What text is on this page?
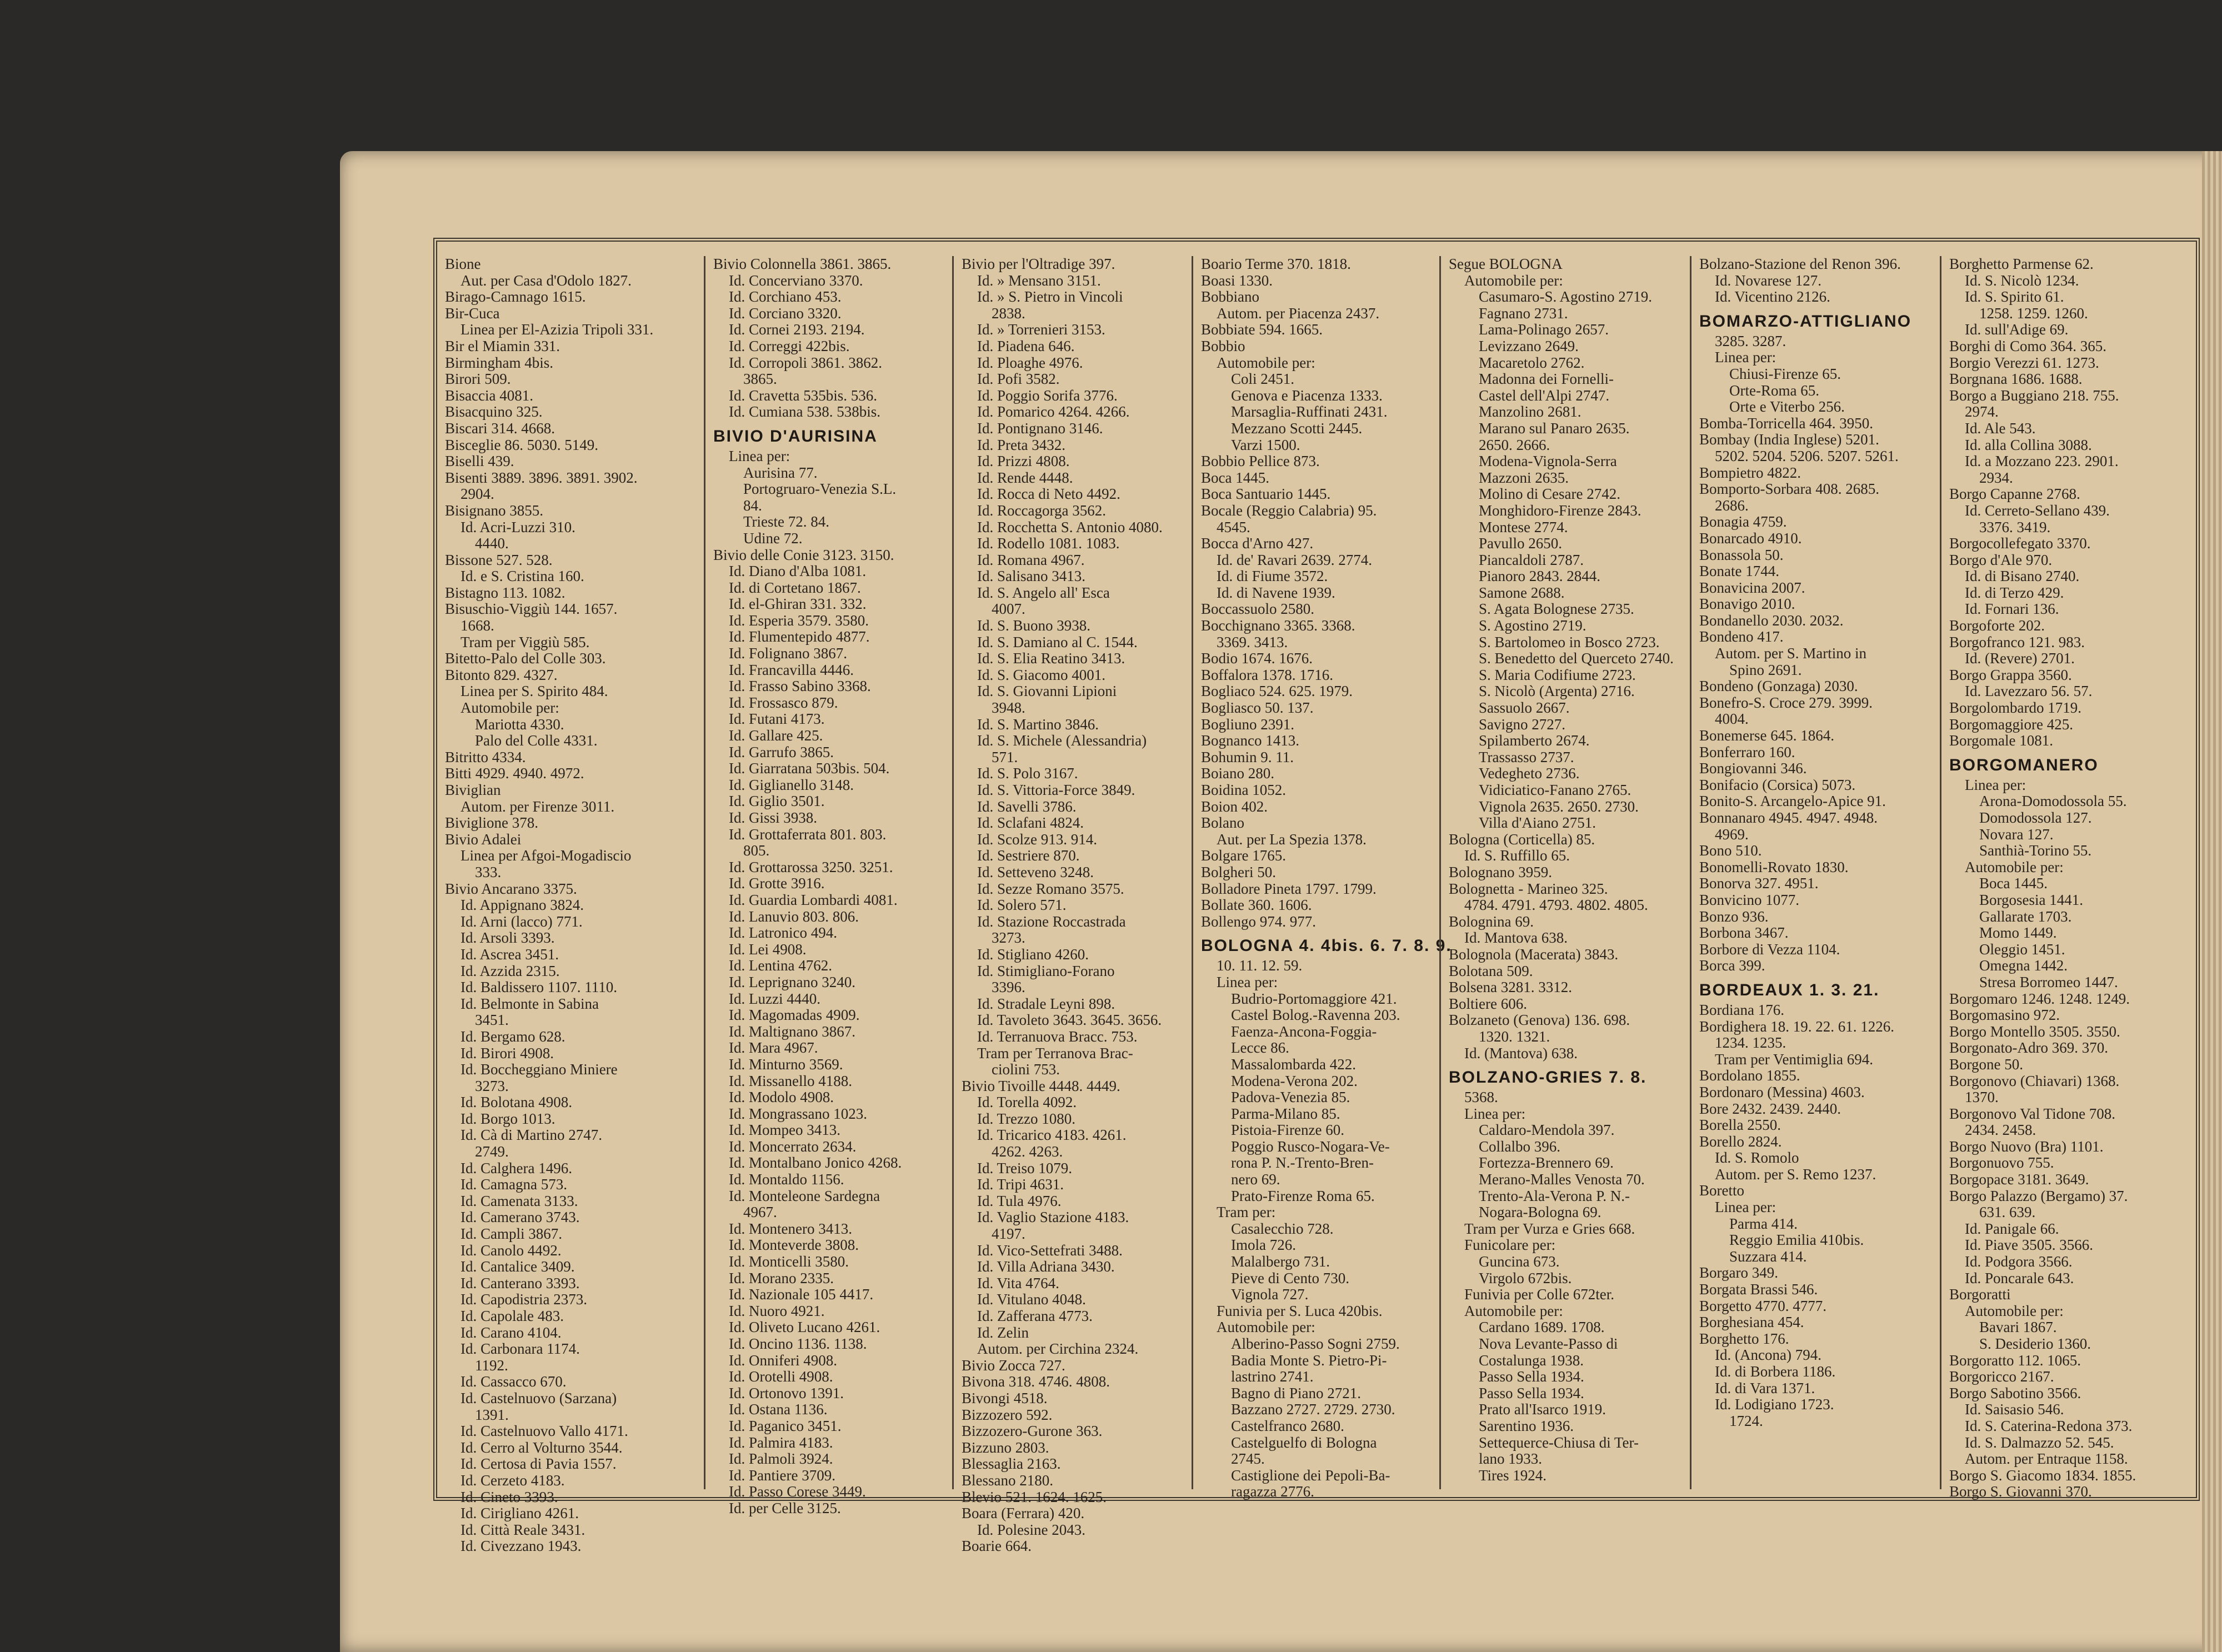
Bione
Aut. per Casa d'Odolo 1827.
Birago-Camnago 1615.
Bir-Cuca
Linea per El-Azizia Tripoli 331.
Bir el Miamin 331.
Birmingham 4bis.
Birori 509.
Bisaccia 4081.
Bisacquino 325.
Biscari 314. 4668.
Bisceglie 86. 5030. 5149.
Biselli 439.
Bisenti 3889. 3896. 3891. 3902.
2904.
Bisignano 3855.
Id. Acri-Luzzi 310.
4440.
Bissone 527. 528.
Id. e S. Cristina 160.
Bistagno 113. 1082.
Bisuschio-Viggiù 144. 1657.
1668.
Tram per Viggiù 585.
Bitetto-Palo del Colle 303.
Bitonto 829. 4327.
Linea per S. Spirito 484.
Automobile per:
Mariotta 4330.
Palo del Colle 4331.
Bitritto 4334.
Bitti 4929. 4940. 4972.
Biviglian
Autom. per Firenze 3011.
Biviglione 378.
Bivio Adalei
Linea per Afgoi-Mogadiscio
333.
Bivio Ancarano 3375.
Id. Appignano 3824.
Id. Arni (lacco) 771.
Id. Arsoli 3393.
Id. Ascrea 3451.
Id. Azzida 2315.
Id. Baldissero 1107. 1110.
Id. Belmonte in Sabina
3451.
Id. Bergamo 628.
Id. Birori 4908.
Id. Boccheggiano Miniere
3273.
Id. Bolotana 4908.
Id. Borgo 1013.
Id. Cà di Martino 2747.
2749.
Id. Calghera 1496.
Id. Camagna 573.
Id. Camenata 3133.
Id. Camerano 3743.
Id. Campli 3867.
Id. Canolo 4492.
Id. Cantalice 3409.
Id. Canterano 3393.
Id. Capodistria 2373.
Id. Capolale 483.
Id. Carano 4104.
Id. Carbonara 1174.
1192.
Id. Cassacco 670.
Id. Castelnuovo (Sarzana)
1391.
Id. Castelnuovo Vallo 4171.
Id. Cerro al Volturno 3544.
Id. Certosa di Pavia 1557.
Id. Cerzeto 4183.
Id. Cineto 3393.
Id. Cirigliano 4261.
Id. Città Reale 3431.
Id. Civezzano 1943.
Bivio Colonnella 3861. 3865.
Id. Concerviano 3370.
Id. Corchiano 453.
Id. Corciano 3320.
Id. Cornei 2193. 2194.
Id. Correggi 422bis.
Id. Corropoli 3861. 3862.
3865.
Id. Cravetta 535bis. 536.
Id. Cumiana 538. 538bis.
BIVIO D'AURISINA
Linea per:
Aurisina 77.
Portogruaro-Venezia S.L.
84.
Trieste 72. 84.
Udine 72.
Bivio delle Conie 3123. 3150.
Id. Diano d'Alba 1081.
Id. di Cortetano 1867.
Id. el-Ghiran 331. 332.
Id. Esperia 3579. 3580.
Id. Flumentepido 4877.
Id. Folignano 3867.
Id. Francavilla 4446.
Id. Frasso Sabino 3368.
Id. Frossasco 879.
Id. Futani 4173.
Id. Gallare 425.
Id. Garrufo 3865.
Id. Giarratana 503bis. 504.
Id. Giglianello 3148.
Id. Giglio 3501.
Id. Gissi 3938.
Id. Grottaferrata 801. 803.
805.
Id. Grottarossa 3250. 3251.
Id. Grotte 3916.
Id. Guardia Lombardi 4081.
Id. Lanuvio 803. 806.
Id. Latronico 494.
Id. Lei 4908.
Id. Lentina 4762.
Id. Leprignano 3240.
Id. Luzzi 4440.
Id. Magomadas 4909.
Id. Maltignano 3867.
Id. Mara 4967.
Id. Minturno 3569.
Id. Missanello 4188.
Id. Modolo 4908.
Id. Mongrassano 1023.
Id. Mompeo 3413.
Id. Moncerrato 2634.
Id. Montalbano Jonico 4268.
Id. Montaldo 1156.
Id. Monteleone Sardegna
4967.
Id. Montenero 3413.
Id. Monteverde 3808.
Id. Monticelli 3580.
Id. Morano 2335.
Id. Nazionale 105 4417.
Id. Nuoro 4921.
Id. Oliveto Lucano 4261.
Id. Oncino 1136. 1138.
Id. Onniferi 4908.
Id. Orotelli 4908.
Id. Ortonovo 1391.
Id. Ostana 1136.
Id. Paganico 3451.
Id. Palmira 4183.
Id. Palmoli 3924.
Id. Pantiere 3709.
Id. Passo Corese 3449.
Id. per Celle 3125.
Bivio per l'Oltradige 397.
Id. » Mensano 3151.
Id. » S. Pietro in Vincoli
2838.
Id. » Torrenieri 3153.
Id. Piadena 646.
Id. Ploaghe 4976.
Id. Pofi 3582.
Id. Poggio Sorifa 3776.
Id. Pomarico 4264. 4266.
Id. Pontignano 3146.
Id. Preta 3432.
Id. Prizzi 4808.
Id. Rende 4448.
Id. Rocca di Neto 4492.
Id. Roccagorga 3562.
Id. Rocchetta S. Antonio 4080.
Id. Rodello 1081. 1083.
Id. Romana 4967.
Id. Salisano 3413.
Id. S. Angelo all' Esca
4007.
Id. S. Buono 3938.
Id. S. Damiano al C. 1544.
Id. S. Elia Reatino 3413.
Id. S. Giacomo 4001.
Id. S. Giovanni Lipioni
3948.
Id. S. Martino 3846.
Id. S. Michele (Alessandria)
571.
Id. S. Polo 3167.
Id. S. Vittoria-Force 3849.
Id. Savelli 3786.
Id. Sclafani 4824.
Id. Scolze 913. 914.
Id. Sestriere 870.
Id. Setteveno 3248.
Id. Sezze Romano 3575.
Id. Solero 571.
Id. Stazione Roccastrada
3273.
Id. Stigliano 4260.
Id. Stimigliano-Forano
3396.
Id. Stradale Leyni 898.
Id. Tavoleto 3643. 3645. 3656.
Id. Terranuova Bracc. 753.
Tram per Terranova Brac-
ciolini 753.
Bivio Tivoille 4448. 4449.
Id. Torella 4092.
Id. Trezzo 1080.
Id. Tricarico 4183. 4261.
4262. 4263.
Id. Treiso 1079.
Id. Tripi 4631.
Id. Tula 4976.
Id. Vaglio Stazione 4183.
4197.
Id. Vico-Settefrati 3488.
Id. Villa Adriana 3430.
Id. Vita 4764.
Id. Vitulano 4048.
Id. Zafferana 4773.
Id. Zelin
Autom. per Circhina 2324.
Bivio Zocca 727.
Bivona 318. 4746. 4808.
Bivongi 4518.
Bizzozero 592.
Bizzozero-Gurone 363.
Bizzuno 2803.
Blessaglia 2163.
Blessano 2180.
Blevio 521. 1624. 1625.
Boara (Ferrara) 420.
Id. Polesine 2043.
Boarie 664.
Boario Terme 370. 1818.
Boasi 1330.
Bobbiano
Autom. per Piacenza 2437.
Bobbiate 594. 1665.
Bobbio
Automobile per:
Coli 2451.
Genova e Piacenza 1333.
Marsaglia-Ruffinati 2431.
Mezzano Scotti 2445.
Varzi 1500.
Bobbio Pellice 873.
Boca 1445.
Boca Santuario 1445.
Bocale (Reggio Calabria) 95.
4545.
Bocca d'Arno 427.
Id. de' Ravari 2639. 2774.
Id. di Fiume 3572.
Id. di Navene 1939.
Boccassuolo 2580.
Bocchignano 3365. 3368.
3369. 3413.
Bodio 1674. 1676.
Boffalora 1378. 1716.
Bogliaco 524. 625. 1979.
Bogliasco 50. 137.
Bogliuno 2391.
Bognanco 1413.
Bohumin 9. 11.
Boiano 280.
Boidina 1052.
Boion 402.
Bolano
Aut. per La Spezia 1378.
Bolgare 1765.
Bolgheri 50.
Bolladore Pineta 1797. 1799.
Bollate 360. 1606.
Bollengo 974. 977.
BOLOGNA 4. 4bis. 6. 7. 8. 9.
10. 11. 12. 59.
Linea per:
Budrio-Portomaggiore 421.
Castel Bolog.-Ravenna 203.
Faenza-Ancona-Foggia-
Lecce 86.
Massalombarda 422.
Modena-Verona 202.
Padova-Venezia 85.
Parma-Milano 85.
Pistoia-Firenze 60.
Poggio Rusco-Nogara-Ve-
rona P. N.-Trento-Bren-
nero 69.
Prato-Firenze Roma 65.
Tram per:
Casalecchio 728.
Imola 726.
Malalbergo 731.
Pieve di Cento 730.
Vignola 727.
Funivia per S. Luca 420bis.
Automobile per:
Alberino-Passo Sogni 2759.
Badia Monte S. Pietro-Pi-
lastrino 2741.
Bagno di Piano 2721.
Bazzano 2727. 2729. 2730.
Castelfranco 2680.
Castelguelfo di Bologna
2745.
Castiglione dei Pepoli-Ba-
ragazza 2776.
Segue BOLOGNA
Automobile per:
Casumaro-S. Agostino 2719.
Fagnano 2731.
Lama-Polinago 2657.
Levizzano 2649.
Macaretolo 2762.
Madonna dei Fornelli-
Castel dell'Alpi 2747.
Manzolino 2681.
Marano sul Panaro 2635.
2650. 2666.
Modena-Vignola-Serra
Mazzoni 2635.
Molino di Cesare 2742.
Monghidoro-Firenze 2843.
Montese 2774.
Pavullo 2650.
Piancaldoli 2787.
Pianoro 2843. 2844.
Samone 2688.
S. Agata Bolognese 2735.
S. Agostino 2719.
S. Bartolomeo in Bosco 2723.
S. Benedetto del Querceto 2740.
S. Maria Codifiume 2723.
S. Nicolò (Argenta) 2716.
Sassuolo 2667.
Savigno 2727.
Spilamberto 2674.
Trassasso 2737.
Vedegheto 2736.
Vidiciatico-Fanano 2765.
Vignola 2635. 2650. 2730.
Villa d'Aiano 2751.
Bologna (Corticella) 85.
Id. S. Ruffillo 65.
Bolognano 3959.
Bolognetta - Marineo 325.
4784. 4791. 4793. 4802. 4805.
Bolognina 69.
Id. Mantova 638.
Bolognola (Macerata) 3843.
Bolotana 509.
Bolsena 3281. 3312.
Boltiere 606.
Bolzaneto (Genova) 136. 698.
1320. 1321.
Id. (Mantova) 638.
BOLZANO-GRIES 7. 8.
5368.
Linea per:
Caldaro-Mendola 397.
Collalbo 396.
Fortezza-Brennero 69.
Merano-Malles Venosta 70.
Trento-Ala-Verona P. N.-
Nogara-Bologna 69.
Tram per Vurza e Gries 668.
Funicolare per:
Guncina 673.
Virgolo 672bis.
Funivia per Colle 672ter.
Automobile per:
Cardano 1689. 1708.
Nova Levante-Passo di
Costalunga 1938.
Passo Sella 1934.
Passo Sella 1934.
Prato all'Isarco 1919.
Sarentino 1936.
Settequerce-Chiusa di Ter-
lano 1933.
Tires 1924.
Bolzano-Stazione del Renon 396.
Id. Novarese 127.
Id. Vicentino 2126.
BOMARZO-ATTIGLIANO
3285. 3287.
Linea per:
Chiusi-Firenze 65.
Orte-Roma 65.
Orte e Viterbo 256.
Bomba-Torricella 464. 3950.
Bombay (India Inglese) 5201.
5202. 5204. 5206. 5207. 5261.
Bompietro 4822.
Bomporto-Sorbara 408. 2685.
2686.
Bonagia 4759.
Bonarcado 4910.
Bonassola 50.
Bonate 1744.
Bonavicina 2007.
Bonavigo 2010.
Bondanello 2030. 2032.
Bondeno 417.
Autom. per S. Martino in
Spino 2691.
Bondeno (Gonzaga) 2030.
Bonefro-S. Croce 279. 3999.
4004.
Bonemerse 645. 1864.
Bonferraro 160.
Bongiovanni 346.
Bonifacio (Corsica) 5073.
Bonito-S. Arcangelo-Apice 91.
Bonnanaro 4945. 4947. 4948.
4969.
Bono 510.
Bonomelli-Rovato 1830.
Bonorva 327. 4951.
Bonvicino 1077.
Bonzo 936.
Borbona 3467.
Borbore di Vezza 1104.
Borca 399.
BORDEAUX 1. 3. 21.
Bordiana 176.
Bordighera 18. 19. 22. 61. 1226.
1234. 1235.
Tram per Ventimiglia 694.
Bordolano 1855.
Bordonaro (Messina) 4603.
Bore 2432. 2439. 2440.
Borella 2550.
Borello 2824.
Id. S. Romolo
Autom. per S. Remo 1237.
Boretto
Linea per:
Parma 414.
Reggio Emilia 410bis.
Suzzara 414.
Borgaro 349.
Borgata Brassi 546.
Borgetto 4770. 4777.
Borghesiana 454.
Borghetto 176.
Id. (Ancona) 794.
Id. di Borbera 1186.
Id. di Vara 1371.
Id. Lodigiano 1723.
1724.
Borghetto Parmense 62.
Id. S. Nicolò 1234.
Id. S. Spirito 61.
1258. 1259. 1260.
Id. sull'Adige 69.
Borghi di Como 364. 365.
Borgio Verezzi 61. 1273.
Borgnana 1686. 1688.
Borgo a Buggiano 218. 755.
2974.
Id. Ale 543.
Id. alla Collina 3088.
Id. a Mozzano 223. 2901.
2934.
Borgo Capanne 2768.
Id. Cerreto-Sellano 439.
3376. 3419.
Borgocollefegato 3370.
Borgo d'Ale 970.
Id. di Bisano 2740.
Id. di Terzo 429.
Id. Fornari 136.
Borgoforte 202.
Borgofranco 121. 983.
Id. (Revere) 2701.
Borgo Grappa 3560.
Id. Lavezzaro 56. 57.
Borgolombardo 1719.
Borgomaggiore 425.
Borgomale 1081.
BORGOMANERO
Linea per:
Arona-Domodossola 55.
Domodossola 127.
Novara 127.
Santhià-Torino 55.
Automobile per:
Boca 1445.
Borgosesia 1441.
Gallarate 1703.
Momo 1449.
Oleggio 1451.
Omegna 1442.
Stresa Borromeo 1447.
Borgomaro 1246. 1248. 1249.
Borgomasino 972.
Borgo Montello 3505. 3550.
Borgonato-Adro 369. 370.
Borgone 50.
Borgonovo (Chiavari) 1368.
1370.
Borgonovo Val Tidone 708.
2434. 2458.
Borgo Nuovo (Bra) 1101.
Borgonuovo 755.
Borgopace 3181. 3649.
Borgo Palazzo (Bergamo) 37.
631. 639.
Id. Panigale 66.
Id. Piave 3505. 3566.
Id. Podgora 3566.
Id. Poncarale 643.
Borgoratti
Automobile per:
Bavari 1867.
S. Desiderio 1360.
Borgoratto 112. 1065.
Borgoricco 2167.
Borgo Sabotino 3566.
Id. Saisasio 546.
Id. S. Caterina-Redona 373.
Id. S. Dalmazzo 52. 545.
Autom. per Entraque 1158.
Borgo S. Giacomo 1834. 1855.
Borgo S. Giovanni 370.
